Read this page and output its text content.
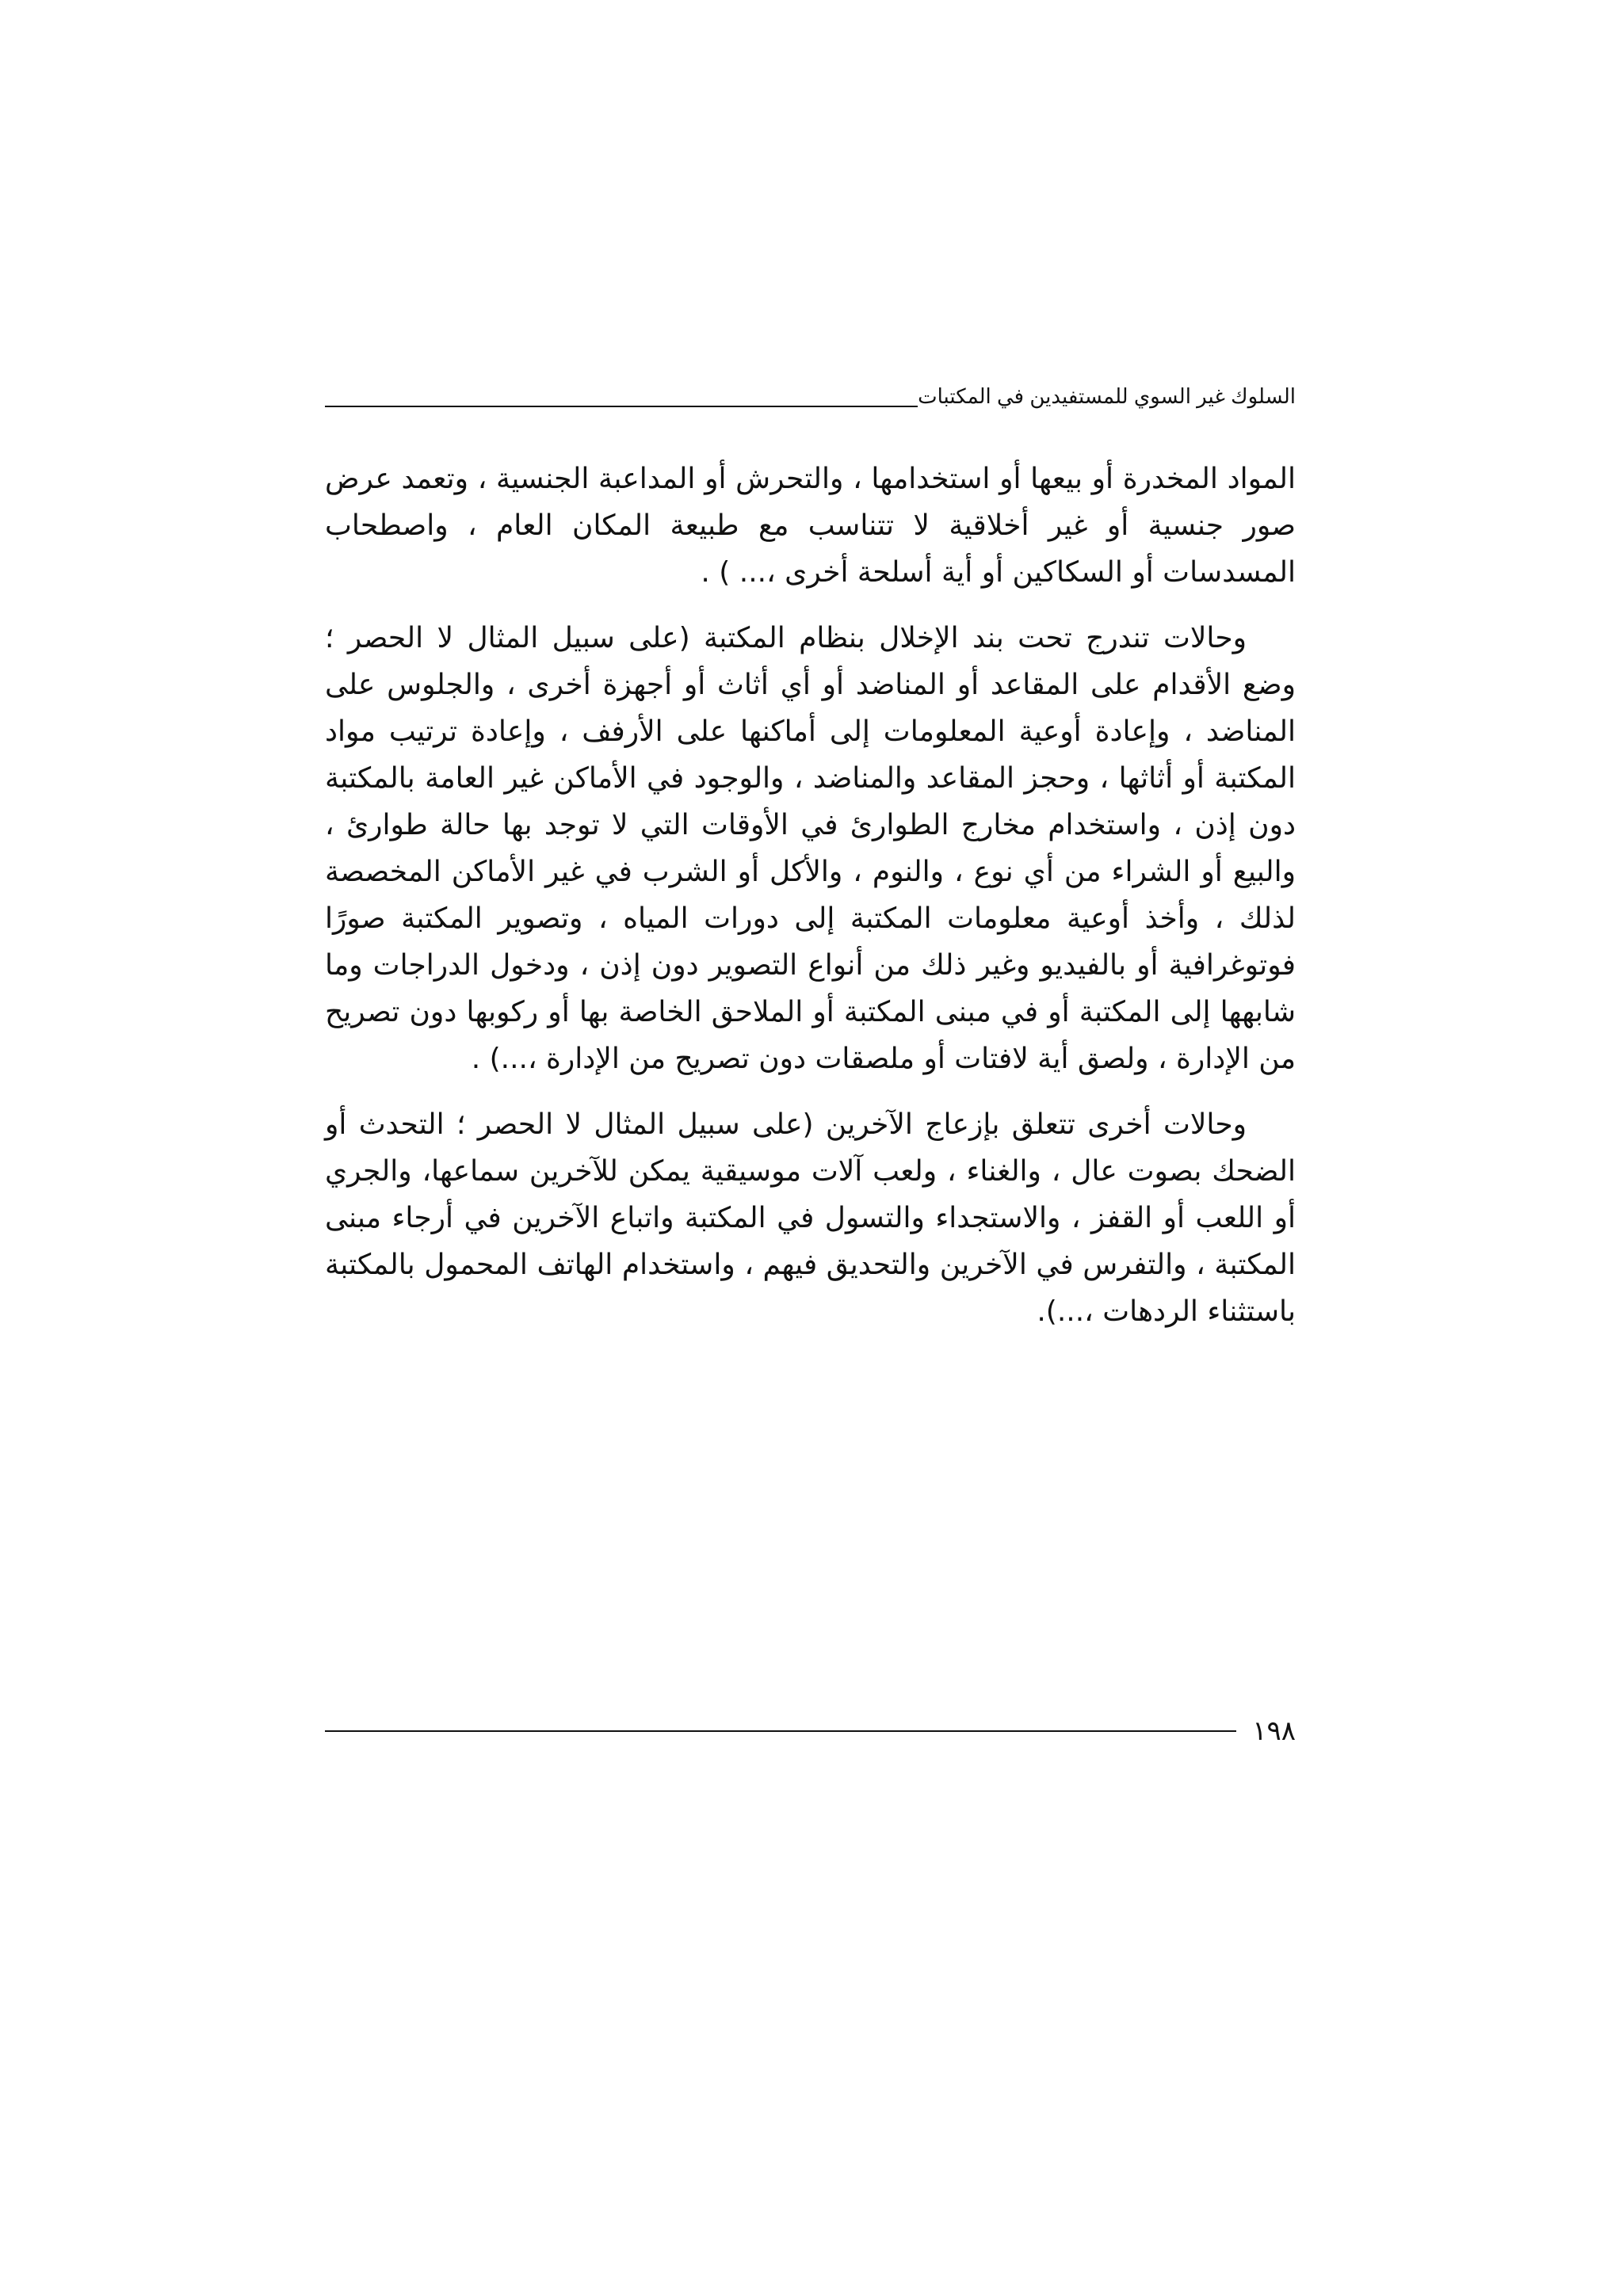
السلوك غير السوي للمستفيدين في المكتبات

المواد المخدرة أو بيعها أو استخدامها ، والتحرش أو المداعبة الجنسية ، وتعمد عرض صور جنسية أو غير أخلاقية لا تتناسب مع طبيعة المكان العام ، واصطحاب المسدسات أو السكاكين أو أية أسلحة أخرى ،... ) .

وحالات تندرج تحت بند الإخلال بنظام المكتبة (على سبيل المثال لا الحصر ؛ وضع الأقدام على المقاعد أو المناضد أو أي أثاث أو أجهزة أخرى ، والجلوس على المناضد ، وإعادة أوعية المعلومات إلى أماكنها على الأرفف ، وإعادة ترتيب مواد المكتبة أو أثاثها ، وحجز المقاعد والمناضد ، والوجود في الأماكن غير العامة بالمكتبة دون إذن ، واستخدام مخارج الطوارئ في الأوقات التي لا توجد بها حالة طوارئ ، والبيع أو الشراء من أي نوع ، والنوم ، والأكل أو الشرب في غير الأماكن المخصصة لذلك ، وأخذ أوعية معلومات المكتبة إلى دورات المياه ، وتصوير المكتبة صورًا فوتوغرافية أو بالفيديو وغير ذلك من أنواع التصوير دون إذن ، ودخول الدراجات وما شابهها إلى المكتبة أو في مبنى المكتبة أو الملاحق الخاصة بها أو ركوبها دون تصريح من الإدارة ، ولصق أية لافتات أو ملصقات دون تصريح من الإدارة ،...) .

وحالات أخرى تتعلق بإزعاج الآخرين (على سبيل المثال لا الحصر ؛ التحدث أو الضحك بصوت عال ، والغناء ، ولعب آلات موسيقية يمكن للآخرين سماعها، والجري أو اللعب أو القفز ، والاستجداء والتسول في المكتبة واتباع الآخرين في أرجاء مبنى المكتبة ، والتفرس في الآخرين والتحديق فيهم ، واستخدام الهاتف المحمول بالمكتبة باستثناء الردهات ،...).

١٩٨
